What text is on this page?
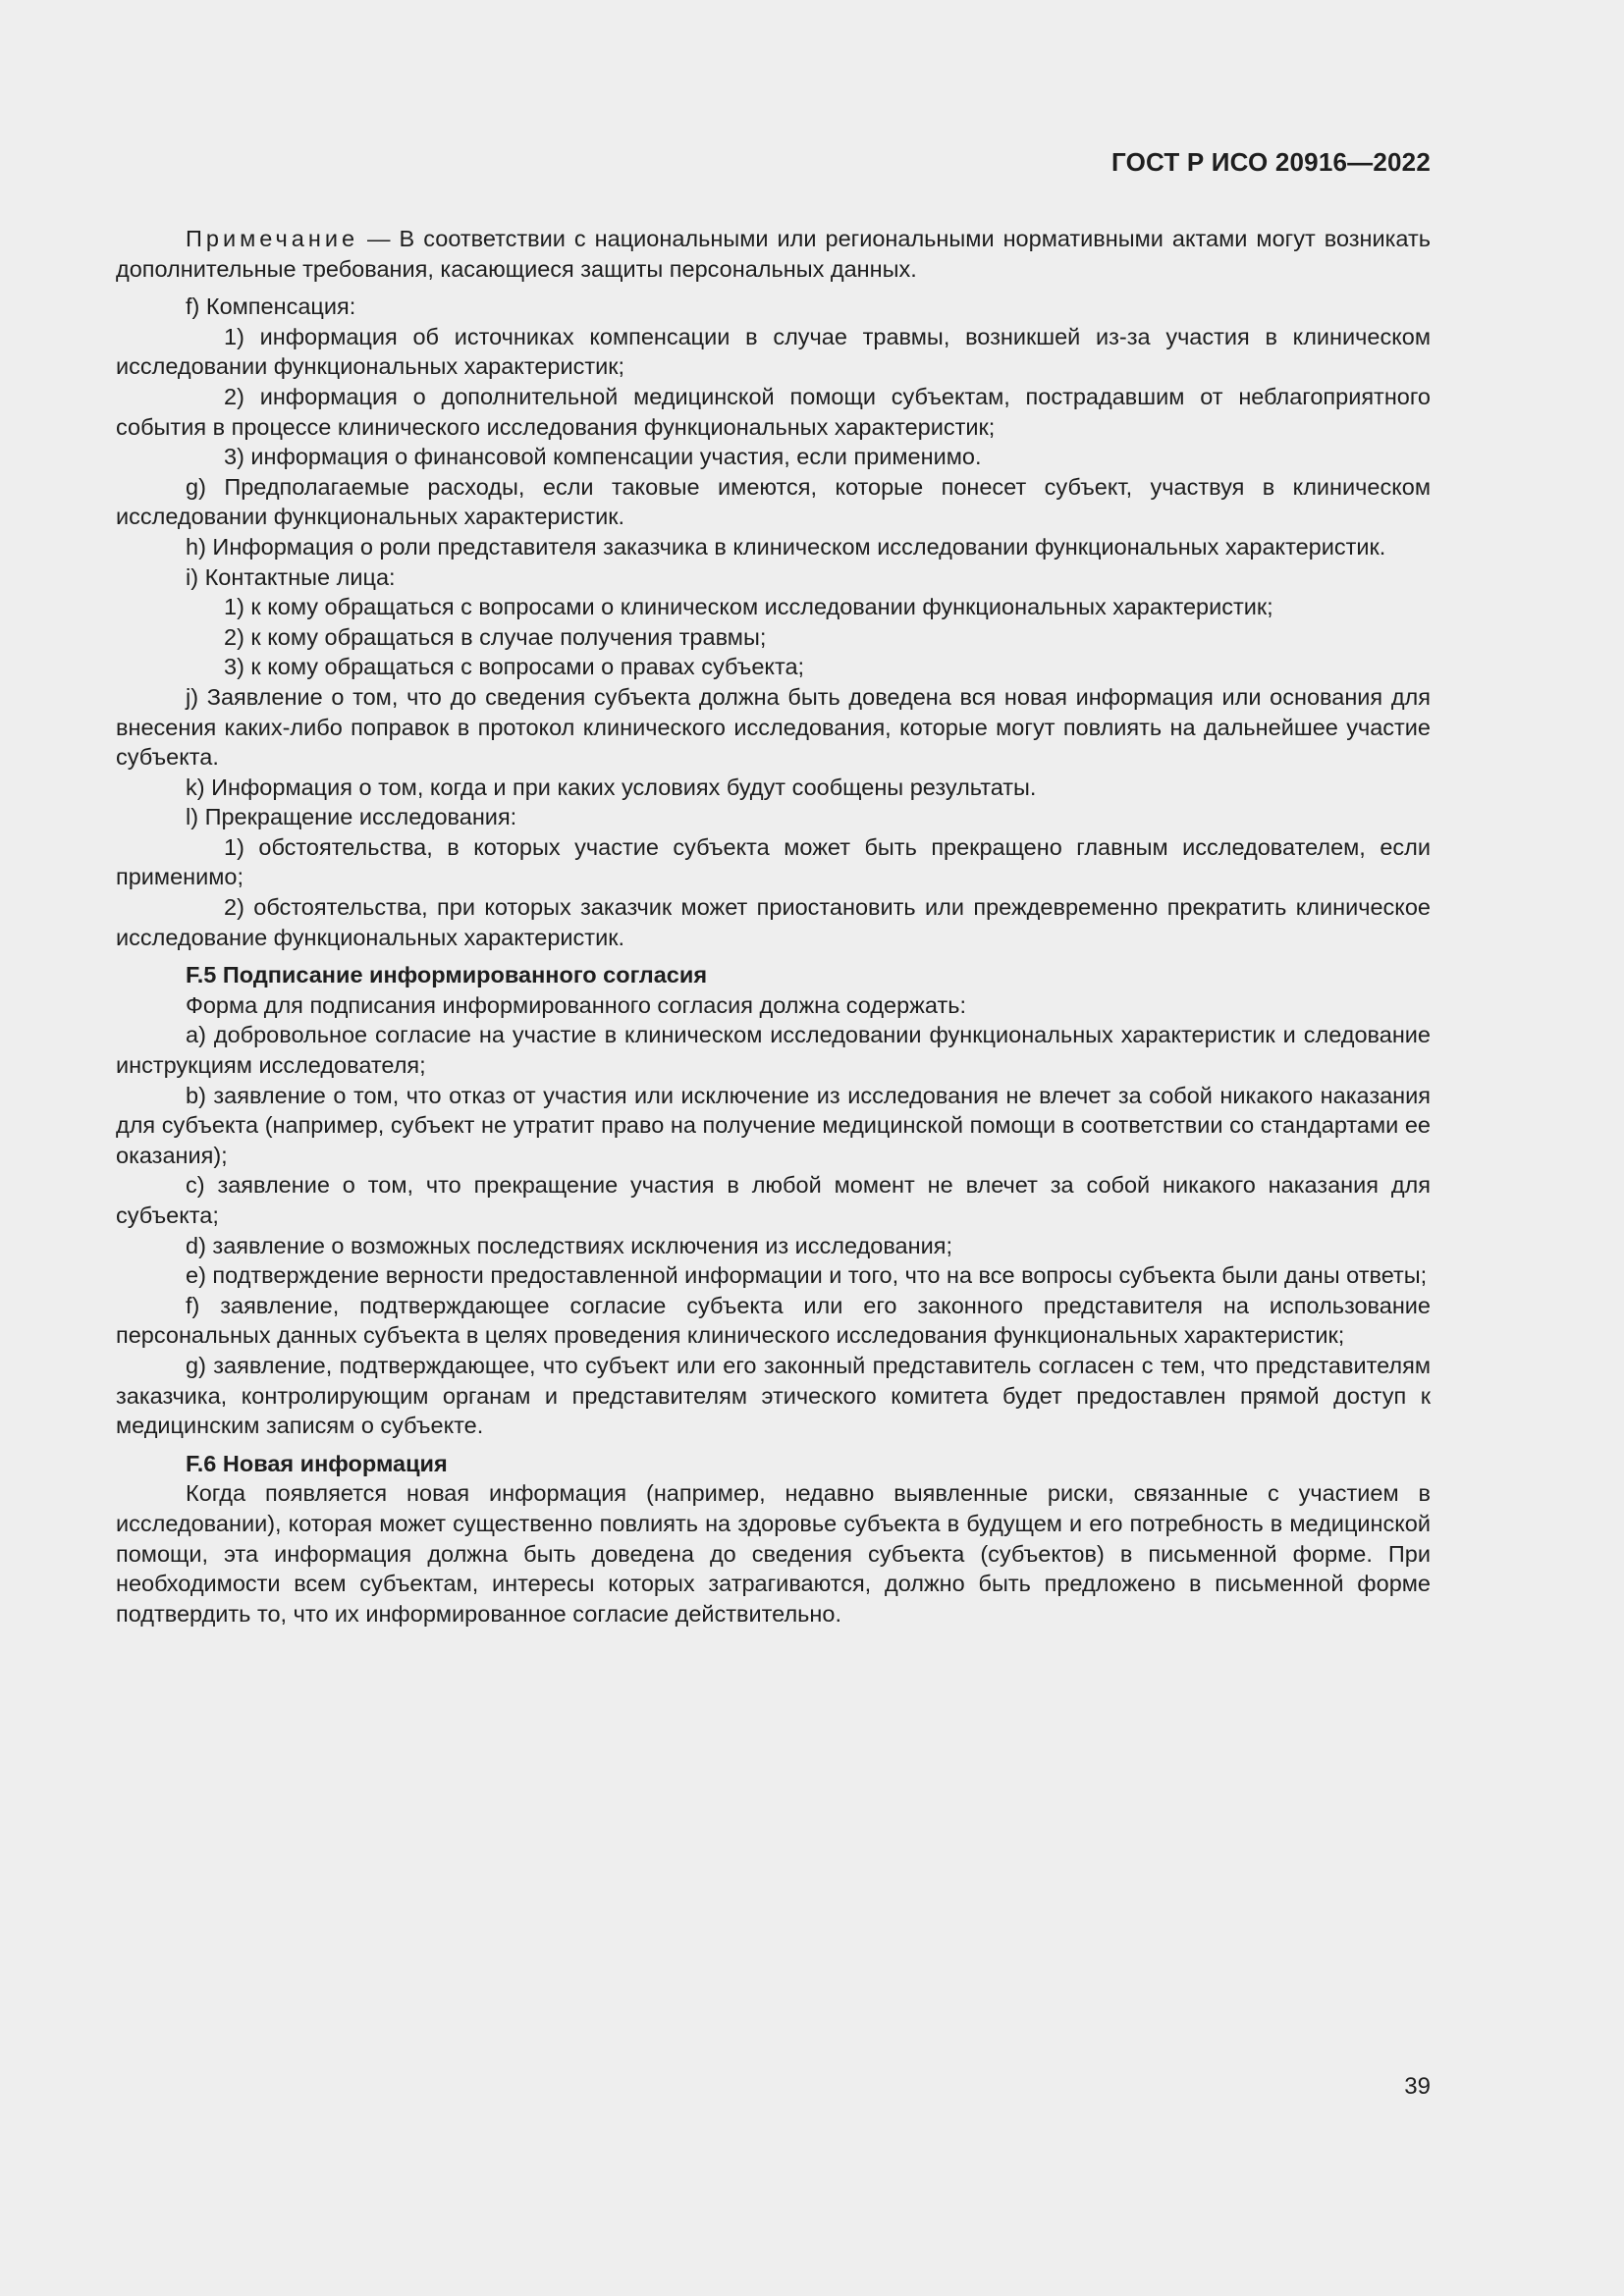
ГОСТ Р ИСО 20916—2022

Примечание — В соответствии с национальными или региональными нормативными актами могут возникать дополнительные требования, касающиеся защиты персональных данных.

f) Компенсация:

1) информация об источниках компенсации в случае травмы, возникшей из-за участия в клиническом исследовании функциональных характеристик;

2) информация о дополнительной медицинской помощи субъектам, пострадавшим от неблагоприятного события в процессе клинического исследования функциональных характеристик;

3) информация о финансовой компенсации участия, если применимо.

g) Предполагаемые расходы, если таковые имеются, которые понесет субъект, участвуя в клиническом исследовании функциональных характеристик.

h) Информация о роли представителя заказчика в клиническом исследовании функциональных характеристик.

i) Контактные лица:

1) к кому обращаться с вопросами о клиническом исследовании функциональных характеристик;

2) к кому обращаться в случае получения травмы;

3) к кому обращаться с вопросами о правах субъекта;

j) Заявление о том, что до сведения субъекта должна быть доведена вся новая информация или основания для внесения каких-либо поправок в протокол клинического исследования, которые могут повлиять на дальнейшее участие субъекта.

k) Информация о том, когда и при каких условиях будут сообщены результаты.

l) Прекращение исследования:

1) обстоятельства, в которых участие субъекта может быть прекращено главным исследователем, если применимо;

2) обстоятельства, при которых заказчик может приостановить или преждевременно прекратить клиническое исследование функциональных характеристик.

F.5 Подписание информированного согласия

Форма для подписания информированного согласия должна содержать:

a) добровольное согласие на участие в клиническом исследовании функциональных характеристик и следование инструкциям исследователя;

b) заявление о том, что отказ от участия или исключение из исследования не влечет за собой никакого наказания для субъекта (например, субъект не утратит право на получение медицинской помощи в соответствии со стандартами ее оказания);

c) заявление о том, что прекращение участия в любой момент не влечет за собой никакого наказания для субъекта;

d) заявление о возможных последствиях исключения из исследования;

e) подтверждение верности предоставленной информации и того, что на все вопросы субъекта были даны ответы;

f) заявление, подтверждающее согласие субъекта или его законного представителя на использование персональных данных субъекта в целях проведения клинического исследования функциональных характеристик;

g) заявление, подтверждающее, что субъект или его законный представитель согласен с тем, что представителям заказчика, контролирующим органам и представителям этического комитета будет предоставлен прямой доступ к медицинским записям о субъекте.

F.6 Новая информация

Когда появляется новая информация (например, недавно выявленные риски, связанные с участием в исследовании), которая может существенно повлиять на здоровье субъекта в будущем и его потребность в медицинской помощи, эта информация должна быть доведена до сведения субъекта (субъектов) в письменной форме. При необходимости всем субъектам, интересы которых затрагиваются, должно быть предложено в письменной форме подтвердить то, что их информированное согласие действительно.

39
